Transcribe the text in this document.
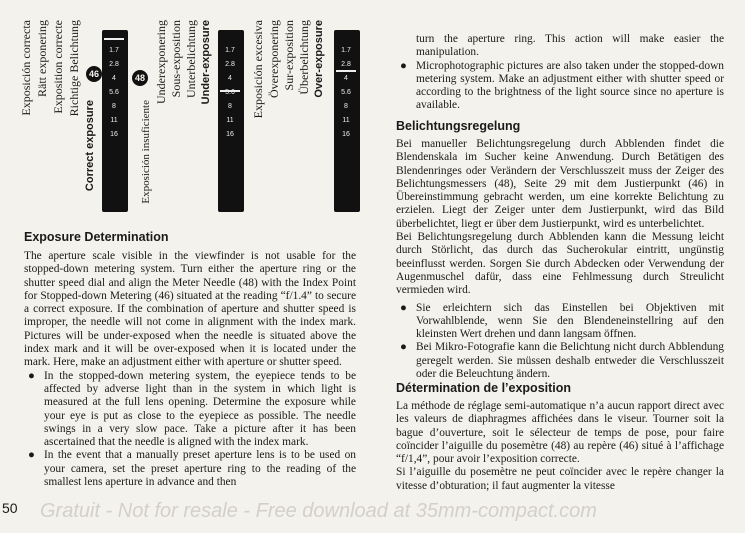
Exposición correcta Rätt exponering Exposition correcte Richtige Belichtung
Correct exposure
46
1.7
2.8
4
5.6
8
11
16 Exposición insuficiente
48 Underexponering Sous-exposition Unterbelichtung Under-exposure 1.7
2.8
4
5.6
8
11
16
Exposición excesiva Överexponering Sur-exposition Überbelichtung Over-exposure 1.7
2.8
4
5.6
8
11
16
Exposure Determination

The aperture scale visible in the viewfinder is not usable for the stopped-down metering system. Turn either the aperture ring or the shutter speed dial and align the Meter Needle (48) with the Index Point for Stopped-down Metering (46) situated at the reading “f/1.4” to secure a correct exposure. If the combination of aperture and shutter speed is improper, the needle will not come in alignment with the index mark. Pictures will be under-exposed when the needle is situated above the index mark and it will be over-exposed when it is located under the mark. Here, make an adjustment either with aperture or shutter speed.

● In the stopped-down metering system, the eyepiece tends to be affected by adverse light than in the system in which light is measured at the full lens opening. Determine the exposure while your eye is put as close to the eyepiece as possible. The needle swings in a very slow pace. Take a picture after it has been ascertained that the needle is aligned with the index mark.
● In the event that a manually preset aperture lens is to be used on your camera, set the preset aperture ring to the reading of the smallest lens aperture in advance and then

turn the aperture ring. This action will make easier the manipulation.

● Microphotographic pictures are also taken under the stopped-down metering system. Make an adjustment either with shutter speed or according to the brightness of the light source since no aperture is available.
Belichtungsregelung

Bei manueller Belichtungsregelung durch Abblenden findet die Blendenskala im Sucher keine Anwendung. Durch Betätigen des Blendenringes oder Verändern der Verschlusszeit muss der Zeiger des Belichtungsmessers (48), Seite 29 mit dem Justierpunkt (46) in Übereinstimmung gebracht werden, um eine korrekte Belichtung zu erzielen. Liegt der Zeiger unter dem Justierpunkt, wird das Bild überbelichtet, liegt er über dem Justierpunkt, wird es unterbelichtet.

Bei Belichtungsregelung durch Abblenden kann die Messung leicht durch Störlicht, das durch das Sucherokular eintritt, ungünstig beeinflusst werden. Sorgen Sie durch Abdecken oder Verwendung der Augenmuschel dafür, dass eine Fehlmessung durch Streulicht vermieden wird.

● Sie erleichtern sich das Einstellen bei Objektiven mit Vorwahlblende, wenn Sie den Blendeneinstellring auf den kleinsten Wert drehen und dann langsam öffnen.
● Bei Mikro-Fotografie kann die Belichtung nicht durch Abblendung geregelt werden. Sie müssen deshalb entweder die Verschlusszeit oder die Beleuchtung ändern.
Détermination de l’exposition

La méthode de réglage semi-automatique n’a aucun rapport direct avec les valeurs de diaphragmes affichées dans le viseur. Tourner soit la bague d’ouverture, soit le sélecteur de temps de pose, pour faire coïncider l’aiguille du posemètre (48) au repère (46) situé à l’affichage “f/1,4”, pour avoir l’exposition correcte.

Si l’aiguille du posemètre ne peut coïncider avec le repère changer la vitesse d’obturation; il faut augmenter la vitesse

50 Gratuit - Not for resale - Free download at 35mm-compact.com
